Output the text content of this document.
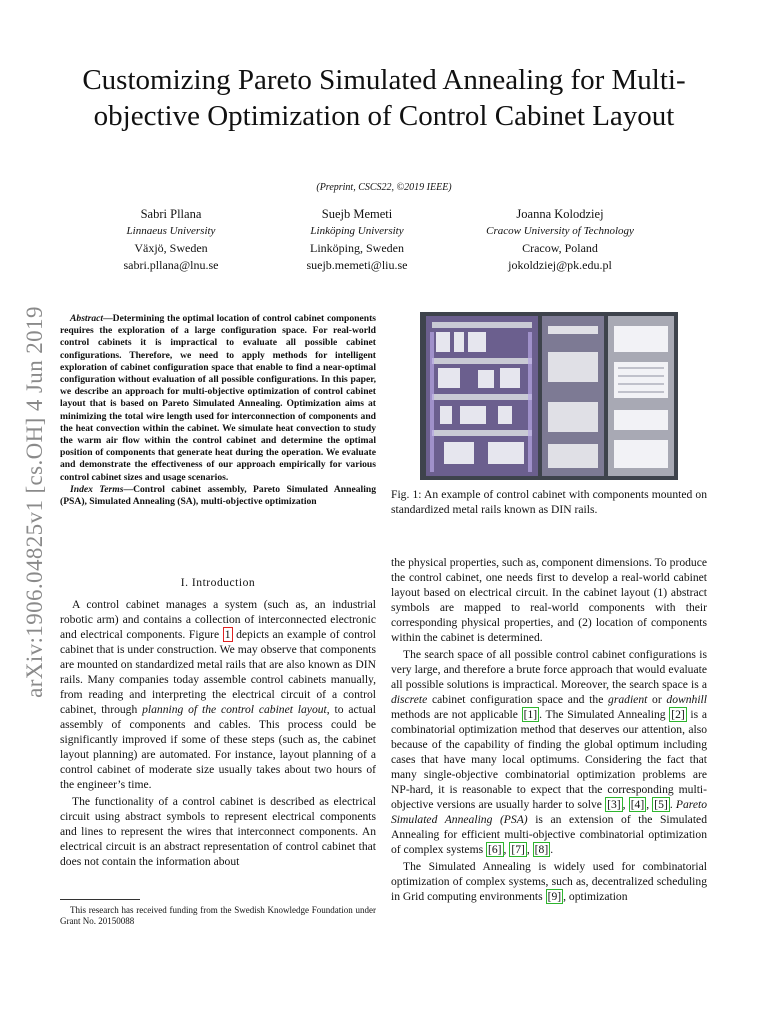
arXiv:1906.04825v1 [cs.OH] 4 Jun 2019
Customizing Pareto Simulated Annealing for Multi-objective Optimization of Control Cabinet Layout
(Preprint, CSCS22, ©2019 IEEE)
Sabri Pllana
Linnaeus University
Växjö, Sweden
sabri.pllana@lnu.se
Suejb Memeti
Linköping University
Linköping, Sweden
suejb.memeti@liu.se
Joanna Kolodziej
Cracow University of Technology
Cracow, Poland
jokoldziej@pk.edu.pl

Abstract—Determining the optimal location of control cabinet components requires the exploration of a large configuration space. For real-world control cabinets it is impractical to evaluate all possible cabinet configurations. Therefore, we need to apply methods for intelligent exploration of cabinet configuration space that enable to find a near-optimal configuration without evaluation of all possible configurations. In this paper, we describe an approach for multi-objective optimization of control cabinet layout that is based on Pareto Simulated Annealing. Optimization aims at minimizing the total wire length used for interconnection of components and the heat convection within the cabinet. We simulate heat convection to study the warm air flow within the control cabinet and determine the optimal position of components that generate heat during the operation. We evaluate and demonstrate the effectiveness of our approach empirically for various control cabinet sizes and usage scenarios.

Index Terms—Control cabinet assembly, Pareto Simulated Annealing (PSA), Simulated Annealing (SA), multi-objective optimization

I. Introduction

A control cabinet manages a system (such as, an industrial robotic arm) and contains a collection of interconnected electronic and electrical components. Figure 1 depicts an example of control cabinet that is under construction. We may observe that components are mounted on standardized metal rails that are also known as DIN rails. Many companies today assemble control cabinets manually, from reading and interpreting the electrical circuit of a control cabinet, through planning of the control cabinet layout, to actual assembly of components and cables. This process could be significantly improved if some of these steps (such as, the cabinet layout planning) are automated. For instance, layout planning of a control cabinet of moderate size usually takes about two hours of the engineer’s time.

The functionality of a control cabinet is described as electrical circuit using abstract symbols to represent electrical components and lines to represent the wires that interconnect components. An electrical circuit is an abstract representation of control cabinet that does not contain the information about

This research has received funding from the Swedish Knowledge Foundation under Grant No. 20150088
Fig. 1: An example of control cabinet with components mounted on standardized metal rails known as DIN rails.

the physical properties, such as, component dimensions. To produce the control cabinet, one needs first to develop a real-world cabinet layout based on electrical circuit. In the cabinet layout (1) abstract symbols are mapped to real-world components with their corresponding physical properties, and (2) location of components within the cabinet is determined.

The search space of all possible control cabinet configurations is very large, and therefore a brute force approach that would evaluate all possible solutions is impractical. Moreover, the search space is a discrete cabinet configuration space and the gradient or downhill methods are not applicable [1] . The Simulated Annealing [2] is a combinatorial optimization method that deserves our attention, also because of the capability of finding the global optimum including cases that have many local optimums. Considering the fact that many single-objective combinatorial optimization problems are NP-hard, it is reasonable to expect that the corresponding multi-objective versions are usually harder to solve [3] , [4] , [5] . Pareto Simulated Annealing (PSA) is an extension of the Simulated Annealing for efficient multi-objective combinatorial optimization of complex systems [6] , [7] , [8] .

The Simulated Annealing is widely used for combinatorial optimization of complex systems, such as, decentralized scheduling in Grid computing environments [9] , optimization
